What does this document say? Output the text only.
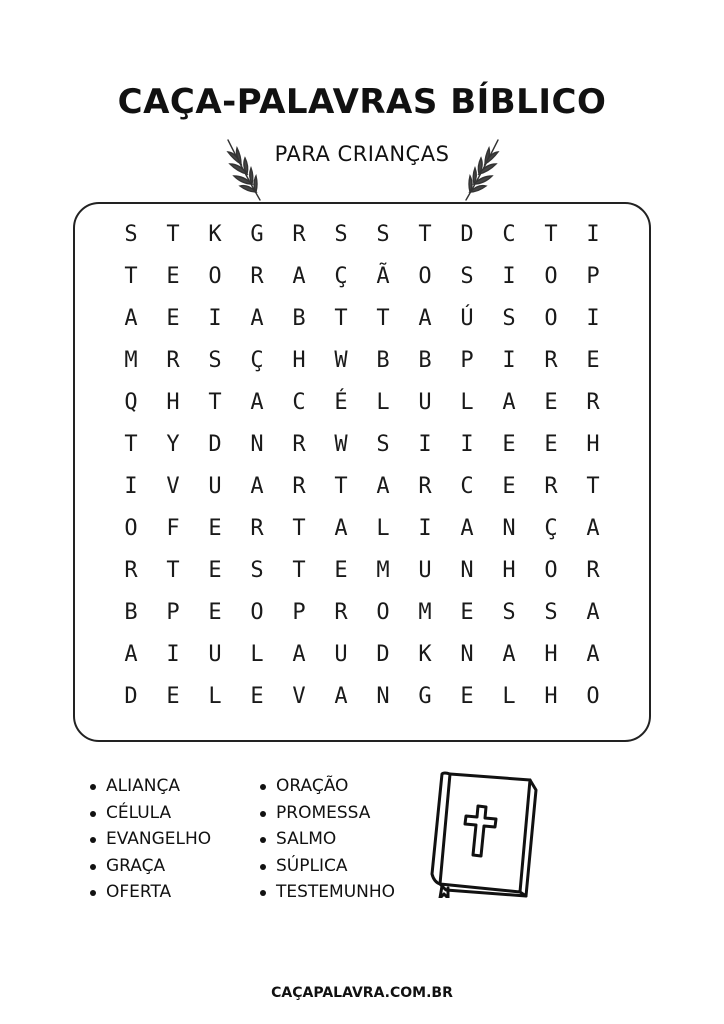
CAÇA-PALAVRAS BÍBLICO
PARA CRIANÇAS
S	T	K	G	R	S	S	T	D	C	T	I
T	E	O	R	A	Ç	Ã	O	S	I	O	P
A	E	I	A	B	T	T	A	Ú	S	O	I
M	R	S	Ç	H	W	B	B	P	I	R	E
Q	H	T	A	C	É	L	U	L	A	E	R
T	Y	D	N	R	W	S	I	I	E	E	H
I	V	U	A	R	T	A	R	C	E	R	T
O	F	E	R	T	A	L	I	A	N	Ç	A
R	T	E	S	T	E	M	U	N	H	O	R
B	P	E	O	P	R	O	M	E	S	S	A
A	I	U	L	A	U	D	K	N	A	H	A
D	E	L	E	V	A	N	G	E	L	H	O
ALIANÇA
CÉLULA
EVANGELHO
GRAÇA
OFERTA
ORAÇÃO
PROMESSA
SALMO
SÚPLICA
TESTEMUNHO
CAÇAPALAVRA.COM.BR
